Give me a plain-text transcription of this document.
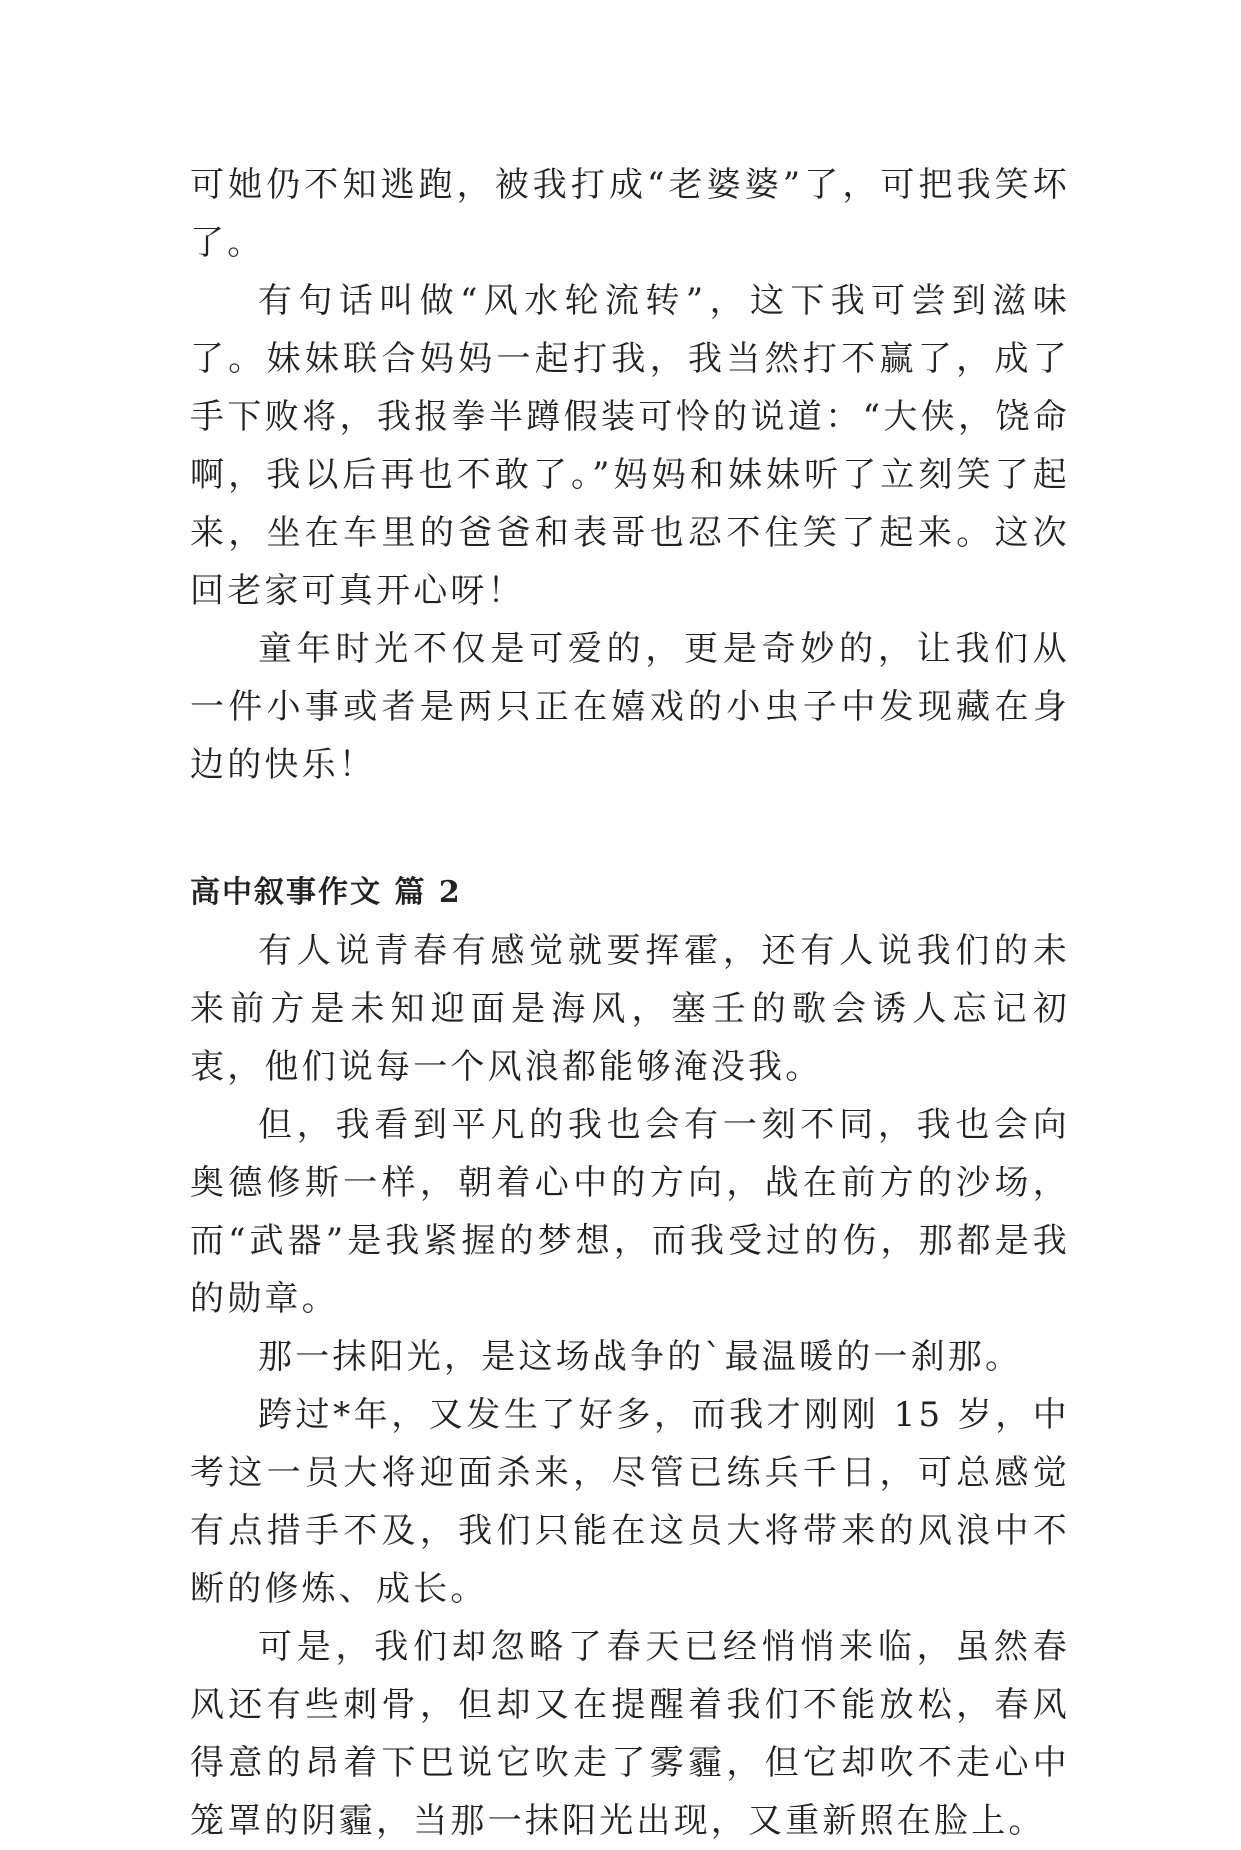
可她仍不知逃跑，被我打成“老婆婆”了，可把我笑坏了。

有句话叫做“风水轮流转”，这下我可尝到滋味了。妹妹联合妈妈一起打我，我当然打不赢了，成了手下败将，我报拳半蹲假装可怜的说道：“大侠，饶命啊，我以后再也不敢了。”妈妈和妹妹听了立刻笑了起来，坐在车里的爸爸和表哥也忍不住笑了起来。这次回老家可真开心呀！

童年时光不仅是可爱的，更是奇妙的，让我们从一件小事或者是两只正在嬉戏的小虫子中发现藏在身边的快乐！

高中叙事作文 篇 2

有人说青春有感觉就要挥霍，还有人说我们的未来前方是未知迎面是海风，塞壬的歌会诱人忘记初衷，他们说每一个风浪都能够淹没我。

但，我看到平凡的我也会有一刻不同，我也会向奥德修斯一样，朝着心中的方向，战在前方的沙场，而“武器”是我紧握的梦想，而我受过的伤，那都是我的勋章。

那一抹阳光，是这场战争的`最温暖的一刹那。

跨过*年，又发生了好多，而我才刚刚 15 岁，中考这一员大将迎面杀来，尽管已练兵千日，可总感觉有点措手不及，我们只能在这员大将带来的风浪中不断的修炼、成长。

可是，我们却忽略了春天已经悄悄来临，虽然春风还有些刺骨，但却又在提醒着我们不能放松，春风得意的昂着下巴说它吹走了雾霾，但它却吹不走心中笼罩的阴霾，当那一抹阳光出现，又重新照在脸上。
